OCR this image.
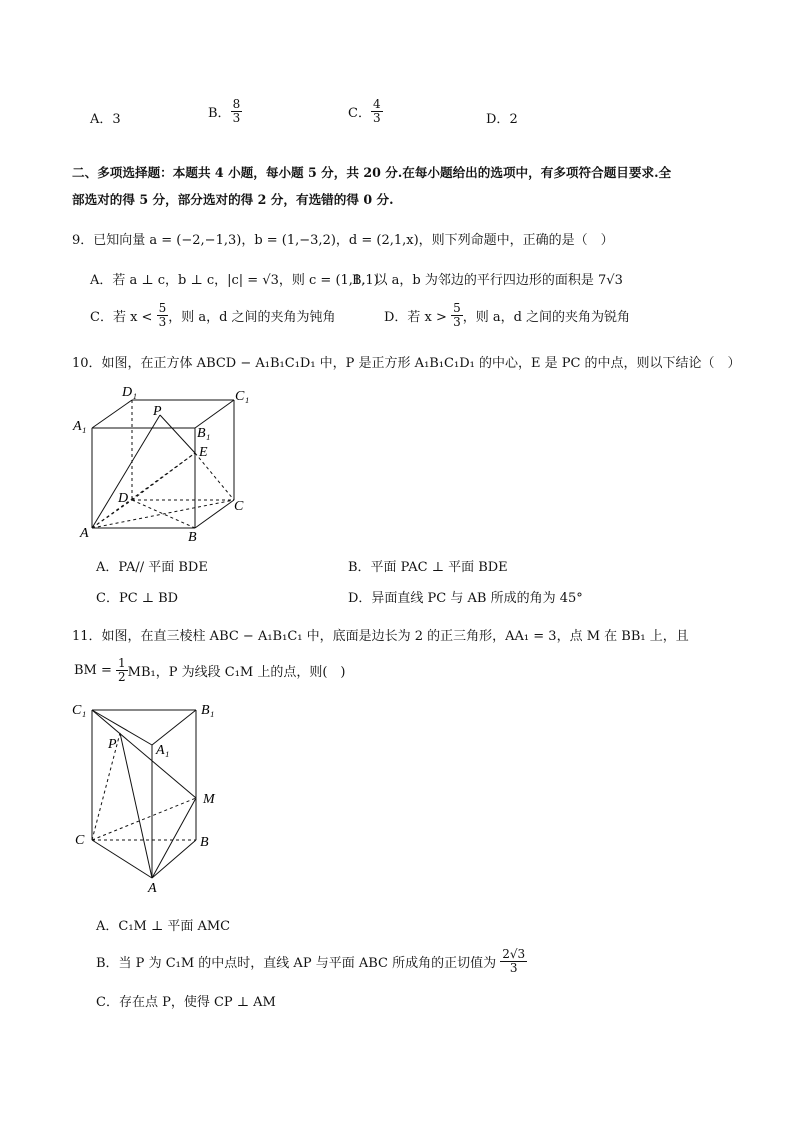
A．3	B． $\frac{8}{3}$	C． $\frac{4}{3}$	D．2
二、多项选择题：本题共 4 小题，每小题 5 分，共 20 分.在每小题给出的选项中，有多项符合题目要求.全
部选对的得 5 分，部分选对的得 2 分，有选错的得 0 分.
9．已知向量 a = (−2,−1,3)，b = (1,−3,2)，d = (2,1,x)，则下列命题中，正确的是（　）
A．若 a ⊥ c，b ⊥ c，|c| = √3，则 c = (1,1,1)
B．以 a，b 为邻边的平行四边形的面积是 7√3
C．若 $x < \frac{5}{3}$ ，则 a，d 之间的夹角为钝角	D．若 $x > \frac{5}{3}$ ，则 a，d 之间的夹角为锐角
10．如图，在正方体 ABCD − A₁B₁C₁D₁ 中，P 是正方形 A₁B₁C₁D₁ 的中心，E 是 PC 的中点，则以下结论（　）
D₁	C₁
A₁	B₁
P
E
D
C
A	B
A．PA// 平面 BDE	B．平面 PAC ⊥ 平面 BDE
C．PC ⊥ BD	D．异面直线 PC 与 AB 所成的角为 45°
11．如图，在直三棱柱 ABC − A₁B₁C₁ 中，底面是边长为 2 的正三角形，AA₁ = 3，点 M 在 BB₁ 上，且
BM = $\frac{1}{2} MB_1$，P 为线段 C₁M 上的点，则(　)
C₁	B₁
P	A₁
M
C	B
A
A．C₁M ⊥ 平面 AMC
B．当 P 为 C₁M 的中点时，直线 AP 与平面 ABC 所成角的正切值为 $\frac{2√3}{3}$
C．存在点 P，使得 CP ⊥ AM
